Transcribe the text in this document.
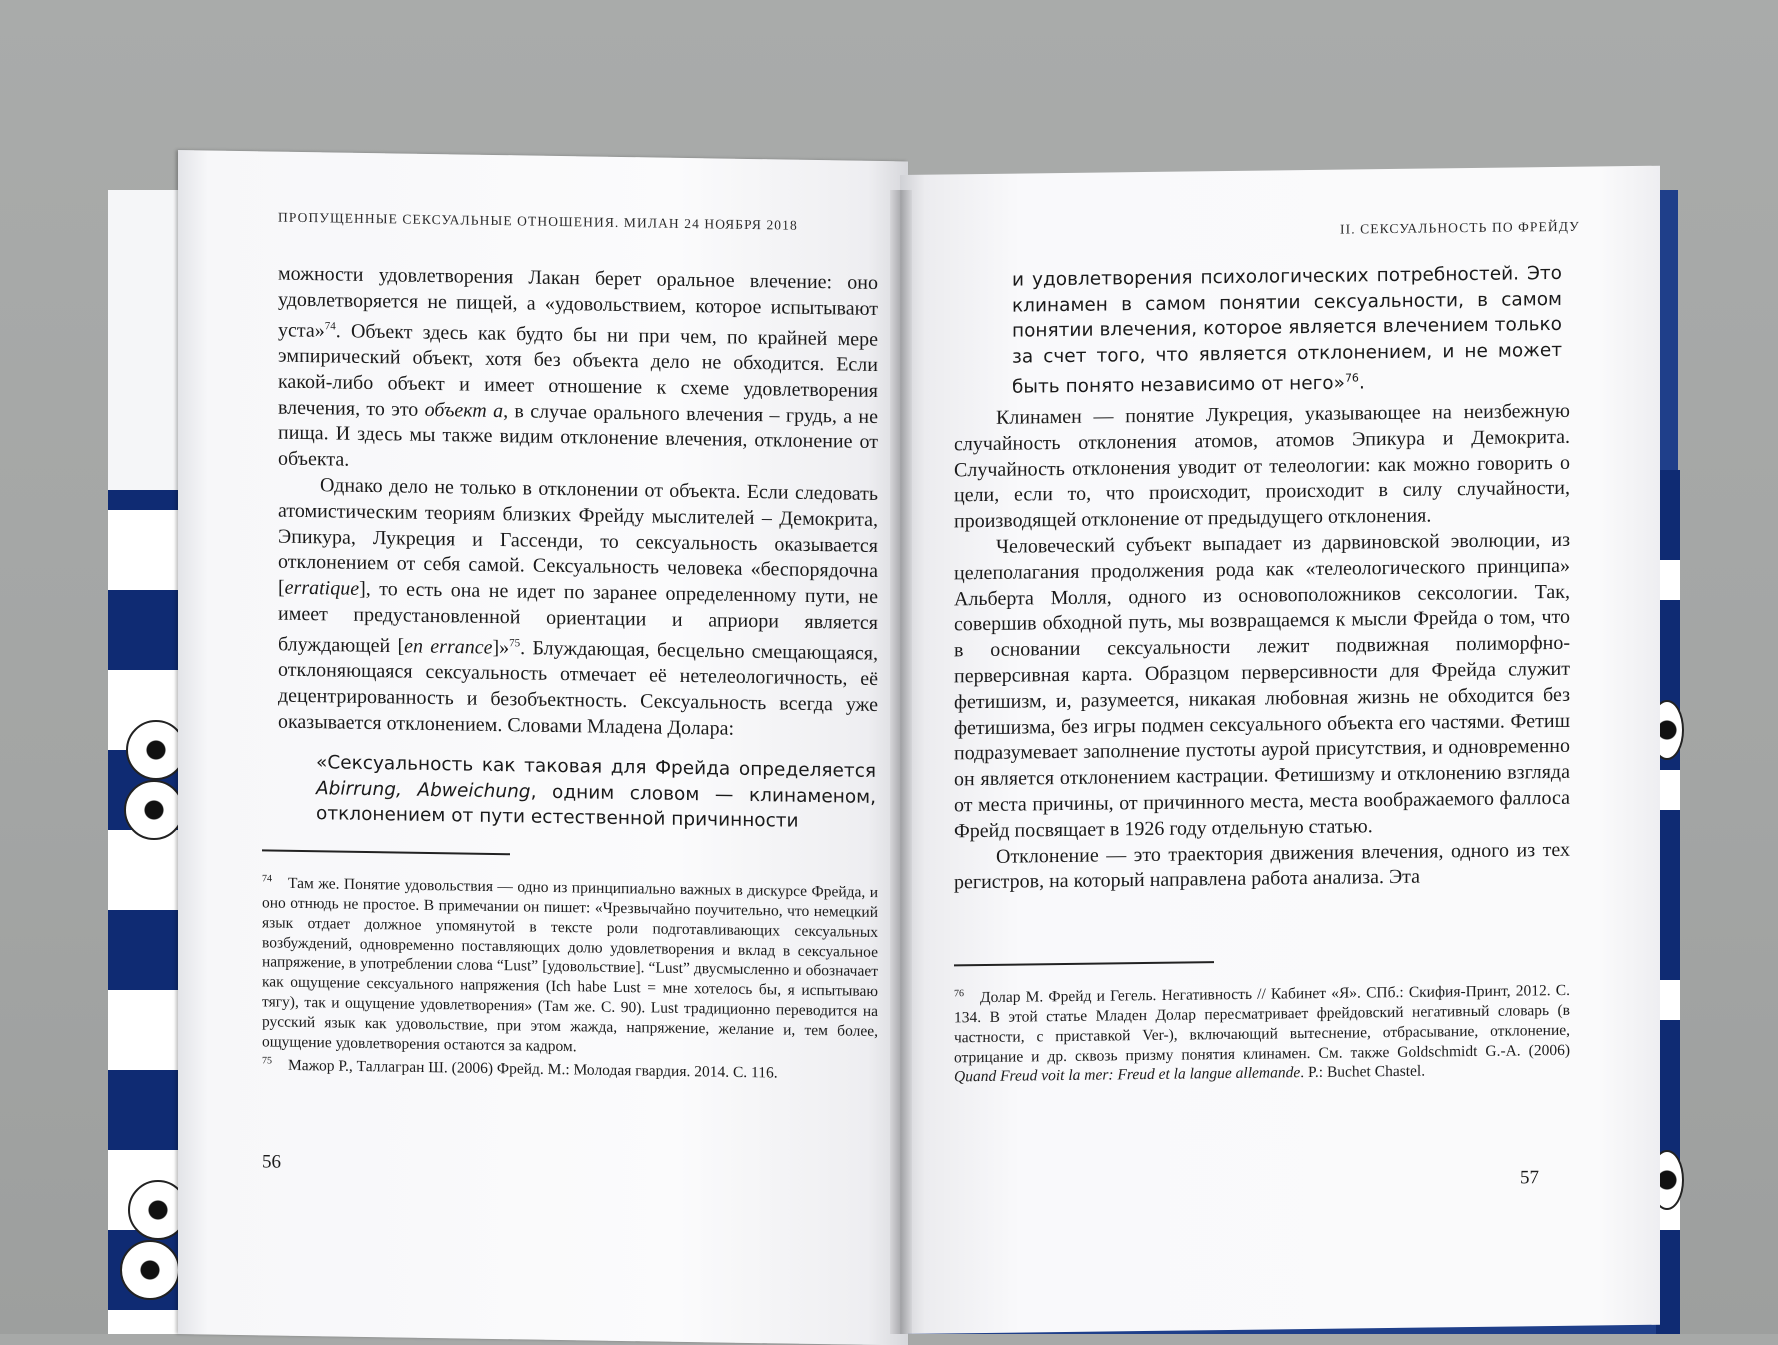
ПРОПУЩЕННЫЕ СЕКСУАЛЬНЫЕ ОТНОШЕНИЯ. МИЛАН 24 НОЯБРЯ 2018

можности удовлетворения Лакан берет оральное влечение: оно удовлетворяется не пищей, а «удовольствием, которое испытывают уста»$^{74}$. Объект здесь как будто бы ни при чем, по крайней мере эмпирический объект, хотя без объекта дело не обходится. Если какой-либо объект и имеет отношение к схеме удовлетворения влечения, то это объект а, в случае орального влечения – грудь, а не пища. И здесь мы также видим отклонение влечения, отклонение от объекта.

Однако дело не только в отклонении от объекта. Если следовать атомистическим теориям близких Фрейду мыслителей – Демокрита, Эпикура, Лукреция и Гассенди, то сексуальность оказывается отклонением от себя самой. Сексуальность человека «беспорядочна [erratique], то есть она не идет по заранее определенному пути, не имеет предустановленной ориентации и априори является блуждающей [en errance]»$^{75}$. Блуждающая, бесцельно смещающаяся, отклоняющаяся сексуальность отмечает её нетелеологичность, её децентрированность и безобъектность. Сексуальность всегда уже оказывается отклонением. Словами Младена Долара:

«Сексуальность как таковая для Фрейда определяется Abirrung, Abweichung, одним словом — клинаменом, отклонением от пути естественной причинности

$^{74}$ Там же. Понятие удовольствия — одно из принципиально важных в дискурсе Фрейда, и оно отнюдь не простое. В примечании он пишет: «Чрезвычайно поучительно, что немецкий язык отдает должное упомянутой в тексте роли подготавливающих сексуальных возбуждений, одновременно поставляющих долю удовлетворения и вклад в сексуальное напряжение, в употреблении слова “Lust” [удовольствие]. “Lust” двусмысленно и обозначает как ощущение сексуального напряжения (Ich habe Lust = мне хотелось бы, я испытываю тягу), так и ощущение удовлетворения» (Там же. С. 90). Lust традиционно переводится на русский язык как удовольствие, при этом жажда, напряжение, желание и, тем более, ощущение удовлетворения остаются за кадром.

$^{75}$ Мажор Р., Таллагран Ш. (2006) Фрейд. М.: Молодая гвардия. 2014. С. 116.

56
II. СЕКСУАЛЬНОСТЬ ПО ФРЕЙДУ

и удовлетворения психологических потребностей. Это клинамен в самом понятии сексуальности, в самом понятии влечения, которое является влечением только за счет того, что является отклонением, и не может быть понято независимо от него»$^{76}$.

Клинамен — понятие Лукреция, указывающее на неизбежную случайность отклонения атомов, атомов Эпикура и Демокрита. Случайность отклонения уводит от телеологии: как можно говорить о цели, если то, что происходит, происходит в силу случайности, производящей отклонение от предыдущего отклонения.

Человеческий субъект выпадает из дарвиновской эволюции, из целеполагания продолжения рода как «телеологического принципа» Альберта Молля, одного из основоположников сексологии. Так, совершив обходной путь, мы возвращаемся к мысли Фрейда о том, что в основании сексуальности лежит подвижная полиморфно-перверсивная карта. Образцом перверсивности для Фрейда служит фетишизм, и, разумеется, никакая любовная жизнь не обходится без фетишизма, без игры подмен сексуального объекта его частями. Фетиш подразумевает заполнение пустоты аурой присутствия, и одновременно он является отклонением кастрации. Фетишизму и отклонению взгляда от места причины, от причинного места, места воображаемого фаллоса Фрейд посвящает в 1926 году отдельную статью.

Отклонение — это траектория движения влечения, одного из тех регистров, на который направлена работа анализа. Эта

$^{76}$ Долар М. Фрейд и Гегель. Негативность // Кабинет «Я». СПб.: Скифия-Принт, 2012. С. 134. В этой статье Младен Долар пересматривает фрейдовский негативный словарь (в частности, с приставкой Ver-), включающий вытеснение, отбрасывание, отклонение, отрицание и др. сквозь призму понятия клинамен. См. также Goldschmidt G.-A. (2006) Quand Freud voit la mer: Freud et la langue allemande. P.: Buchet Chastel.

57
